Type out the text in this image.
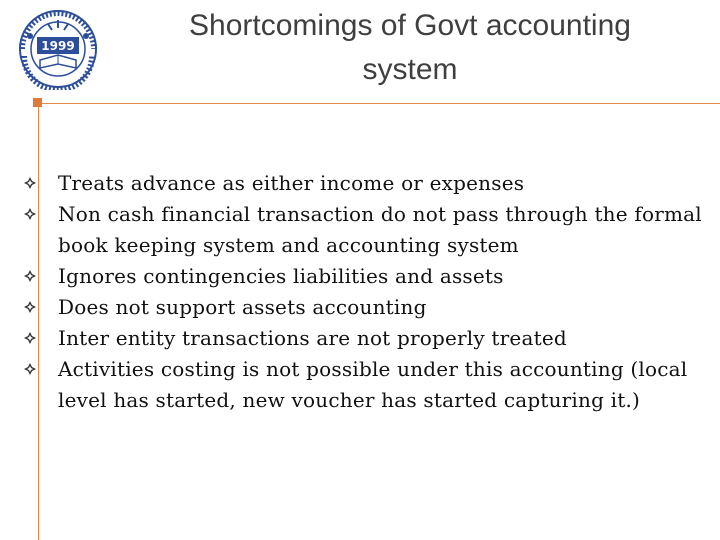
1999
Shortcomings of Govt accounting
system
Treats advance as either income or expenses
Non cash financial transaction do not pass through the formal book keeping system and accounting system
Ignores contingencies liabilities and assets
Does not support assets accounting
Inter entity transactions are not properly treated
Activities costing is not possible under this accounting (local level has started, new voucher has started capturing it.)
